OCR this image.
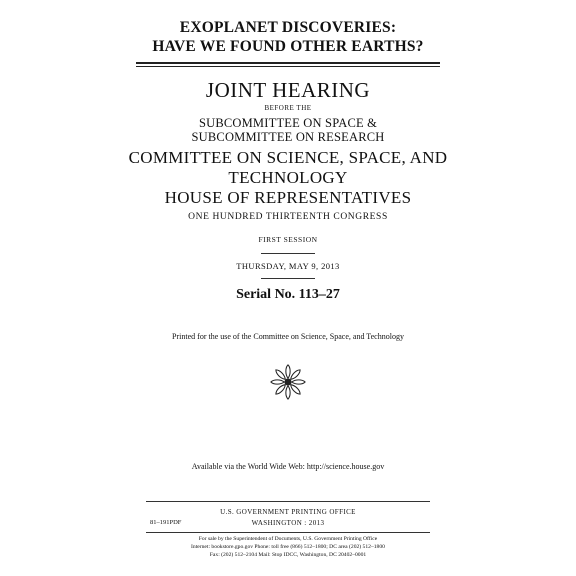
EXOPLANET DISCOVERIES:
HAVE WE FOUND OTHER EARTHS?
JOINT HEARING
BEFORE THE
SUBCOMMITTEE ON SPACE &
SUBCOMMITTEE ON RESEARCH
COMMITTEE ON SCIENCE, SPACE, AND
TECHNOLOGY
HOUSE OF REPRESENTATIVES
ONE HUNDRED THIRTEENTH CONGRESS
FIRST SESSION
THURSDAY, MAY 9, 2013
Serial No. 113–27
Printed for the use of the Committee on Science, Space, and Technology
Available via the World Wide Web: http://science.house.gov
U.S. GOVERNMENT PRINTING OFFICE
81–191PDF	WASHINGTON : 2013
For sale by the Superintendent of Documents, U.S. Government Printing Office
Internet: bookstore.gpo.gov Phone: toll free (866) 512–1800; DC area (202) 512–1800
Fax: (202) 512–2104 Mail: Stop IDCC, Washington, DC 20402–0001
